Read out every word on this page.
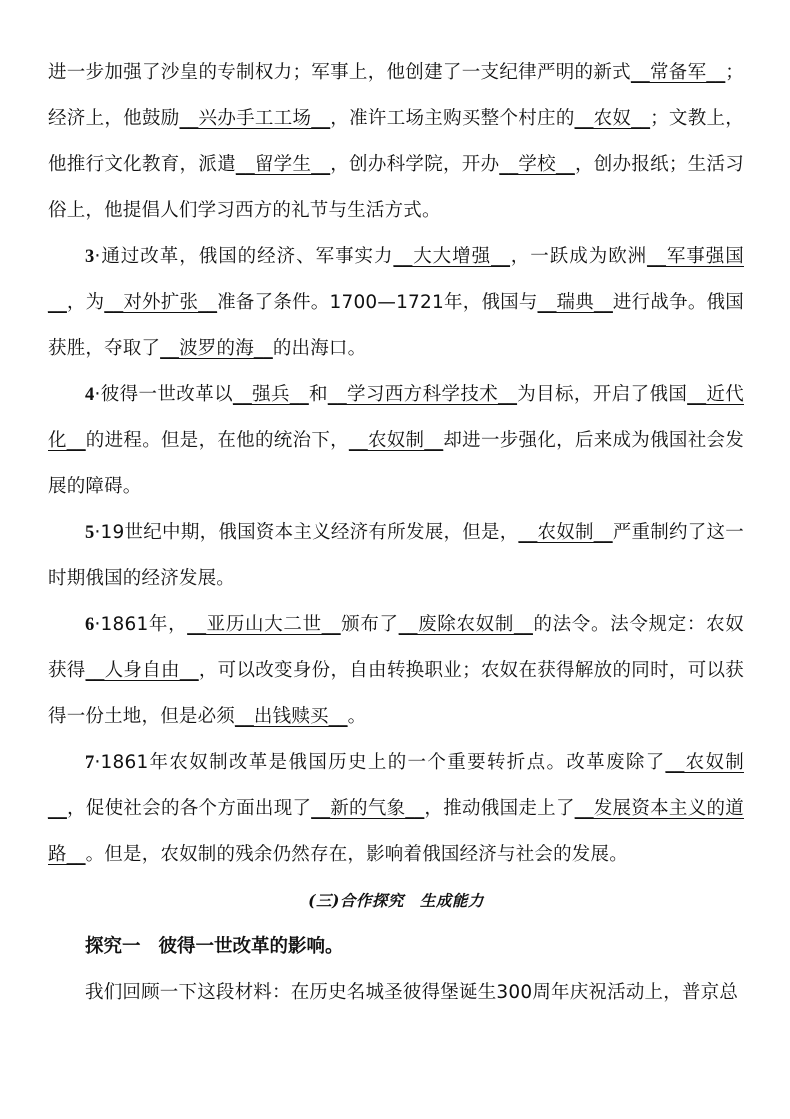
进一步加强了沙皇的专制权力；军事上，他创建了一支纪律严明的新式__常备军__；经济上，他鼓励__兴办手工工场__，准许工场主购买整个村庄的__农奴__；文教上，他推行文化教育，派遣__留学生__，创办科学院，开办__学校__，创办报纸；生活习俗上，他提倡人们学习西方的礼节与生活方式。

3·通过改革，俄国的经济、军事实力__大大增强__，一跃成为欧洲__军事强国__，为__对外扩张__准备了条件。1700—1721年，俄国与__瑞典__进行战争。俄国获胜，夺取了__波罗的海__的出海口。

4·彼得一世改革以__强兵__和__学习西方科学技术__为目标，开启了俄国__近代化__的进程。但是，在他的统治下，__农奴制__却进一步强化，后来成为俄国社会发展的障碍。

5·19世纪中期，俄国资本主义经济有所发展，但是，__农奴制__严重制约了这一时期俄国的经济发展。

6·1861年，__亚历山大二世__颁布了__废除农奴制__的法令。法令规定：农奴获得__人身自由__，可以改变身份，自由转换职业；农奴在获得解放的同时，可以获得一份土地，但是必须__出钱赎买__。

7·1861年农奴制改革是俄国历史上的一个重要转折点。改革废除了__农奴制__，促使社会的各个方面出现了__新的气象__，推动俄国走上了__发展资本主义的道路__。但是，农奴制的残余仍然存在，影响着俄国经济与社会的发展。

(三)合作探究　生成能力

探究一 彼得一世改革的影响。

我们回顾一下这段材料：在历史名城圣彼得堡诞生300周年庆祝活动上，普京总
